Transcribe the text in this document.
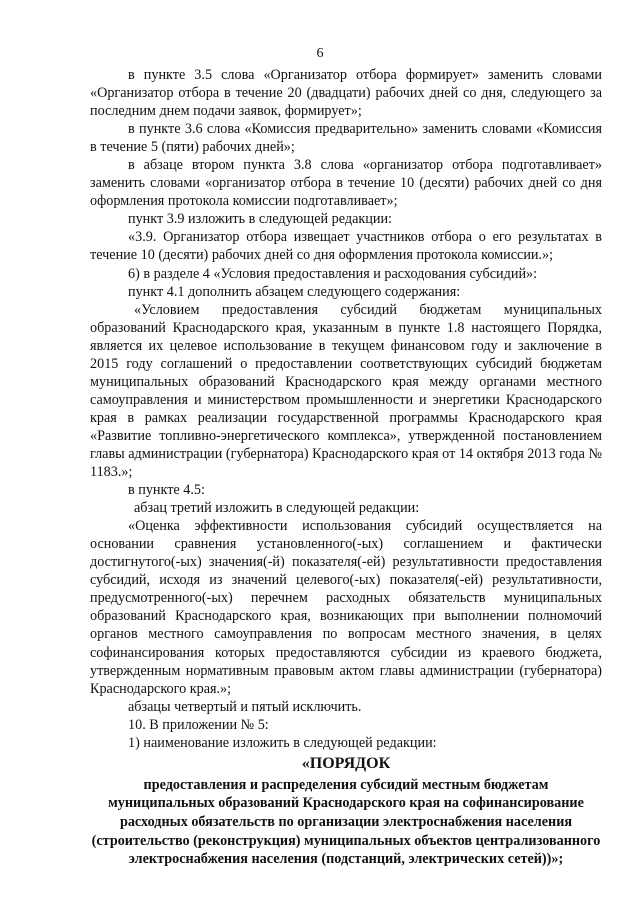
6

в пункте 3.5 слова «Организатор отбора формирует» заменить словами «Организатор отбора в течение 20 (двадцати) рабочих дней со дня, следующего за последним днем подачи заявок, формирует»;

в пункте 3.6 слова «Комиссия предварительно» заменить словами «Комиссия в течение 5 (пяти) рабочих дней»;

в абзаце втором пункта 3.8 слова «организатор отбора подготавливает» заменить словами «организатор отбора в течение 10 (десяти) рабочих дней со дня оформления протокола комиссии подготавливает»;

пункт 3.9 изложить в следующей редакции:

«3.9. Организатор отбора извещает участников отбора о его результатах в течение 10 (десяти) рабочих дней со дня оформления протокола комиссии.»;

6) в разделе 4 «Условия предоставления и расходования субсидий»:

пункт 4.1 дополнить абзацем следующего содержания:

«Условием предоставления субсидий бюджетам муниципальных образований Краснодарского края, указанным в пункте 1.8 настоящего Порядка, является их целевое использование в текущем финансовом году и заключение в 2015 году соглашений о предоставлении соответствующих субсидий бюджетам муниципальных образований Краснодарского края между органами местного самоуправления и министерством промышленности и энергетики Краснодарского края в рамках реализации государственной программы Краснодарского края «Развитие топливно-энергетического комплекса», утвержденной постановлением главы администрации (губернатора) Краснодарского края от 14 октября 2013 года № 1183.»;

в пункте 4.5:

абзац третий изложить в следующей редакции:

«Оценка эффективности использования субсидий осуществляется на основании сравнения установленного(-ых) соглашением и фактически достигнутого(-ых) значения(-й) показателя(-ей) результативности предоставления субсидий, исходя из значений целевого(-ых) показателя(-ей) результативности, предусмотренного(-ых) перечнем расходных обязательств муниципальных образований Краснодарского края, возникающих при выполнении полномочий органов местного самоуправления по вопросам местного значения, в целях софинансирования которых предоставляются субсидии из краевого бюджета, утвержденным нормативным правовым актом главы администрации (губернатора) Краснодарского края.»;

абзацы четвертый и пятый исключить.

10. В приложении № 5:

1) наименование изложить в следующей редакции:

«ПОРЯДОК
предоставления и распределения субсидий местным бюджетам муниципальных образований Краснодарского края на софинансирование расходных обязательств по организации электроснабжения населения (строительство (реконструкция) муниципальных объектов централизованного электроснабжения населения (подстанций, электрических сетей))»;
